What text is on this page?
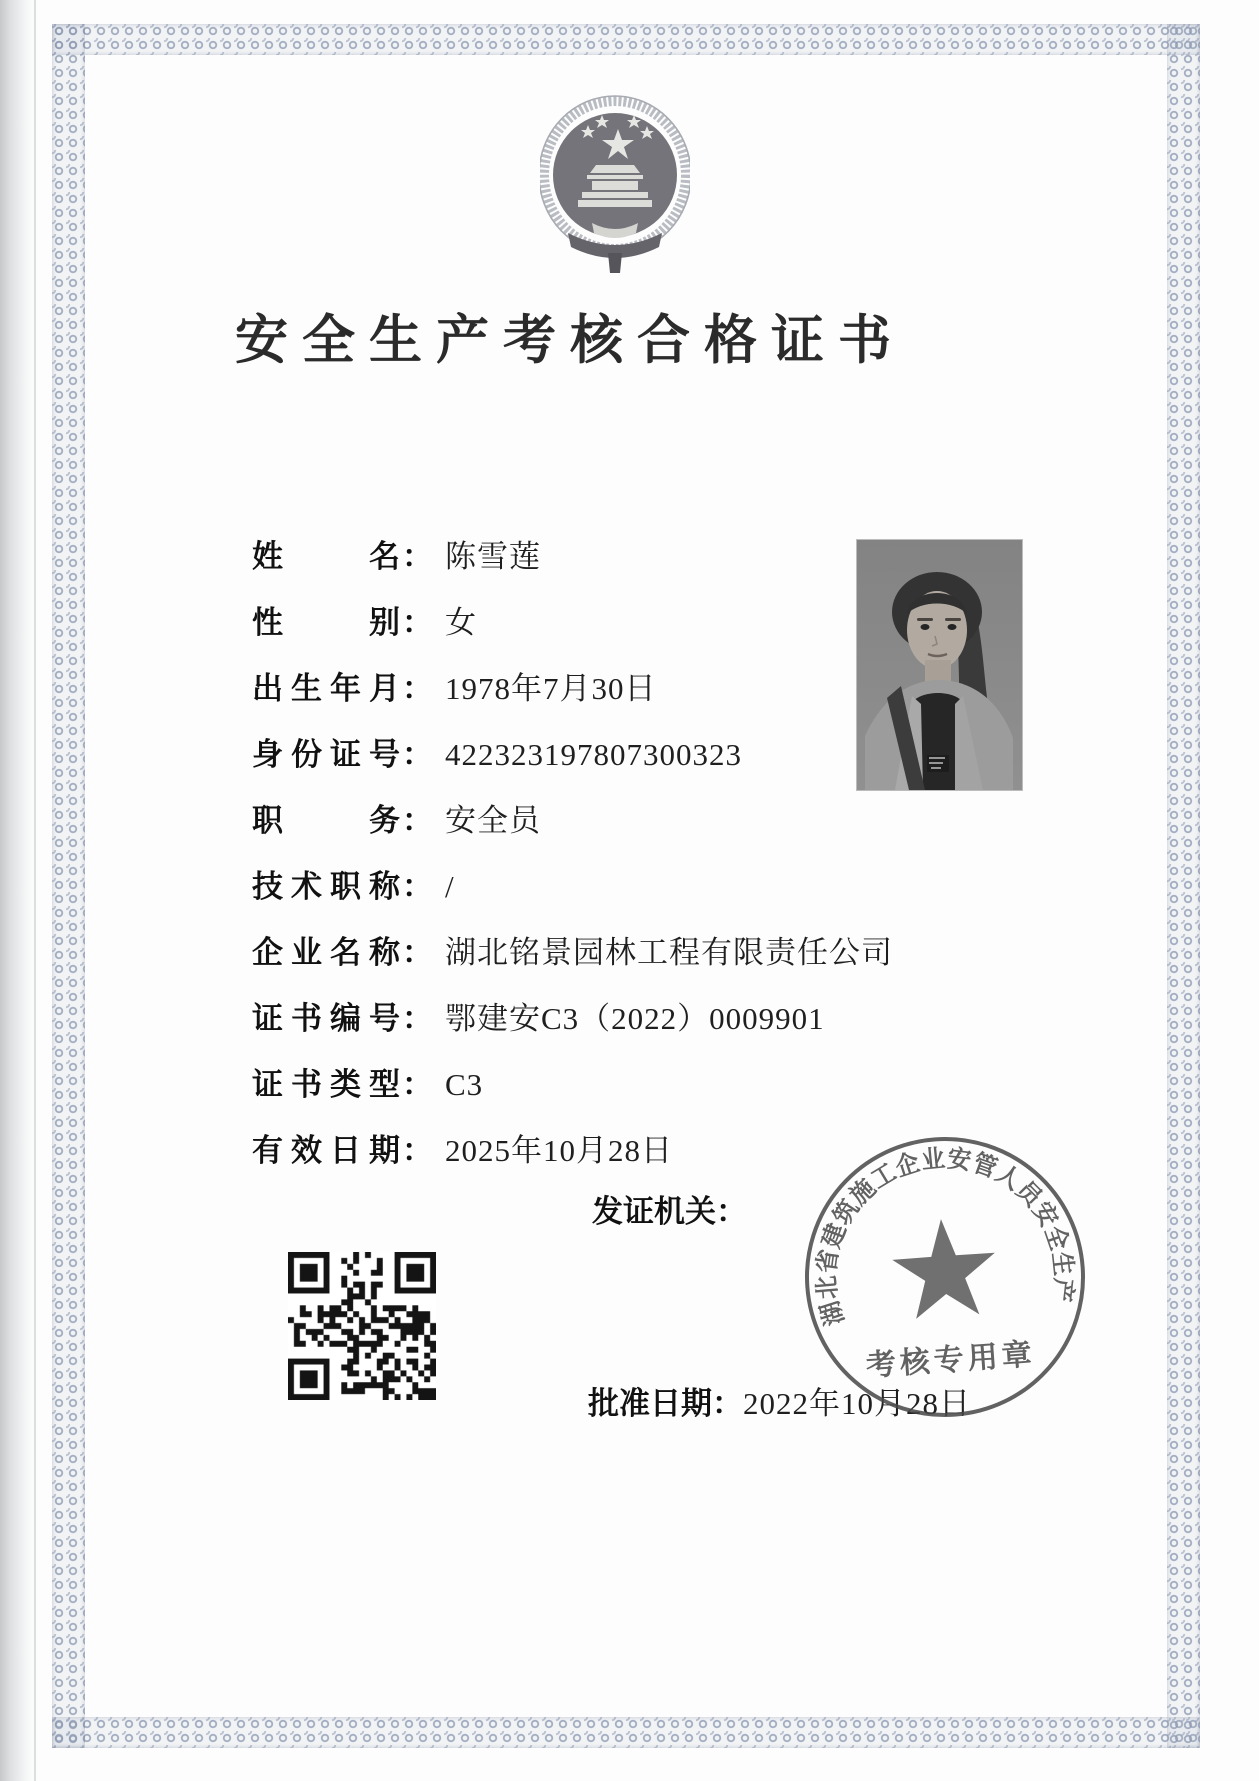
安全生产考核合格证书
姓名 ： 陈雪莲
性别 ： 女
出生年月 ： 1978年7月30日
身份证号 ： 422323197807300323
职务 ： 安全员
技术职称 ： /
企业名称 ： 湖北铭景园林工程有限责任公司
证书编号 ： 鄂建安C3（2022）0009901
证书类型 ： C3
有效日期 ： 2025年10月28日
发证机关：
批准日期：2022年10月28日
湖北省建筑施工企业安管人员安全生产
考核专用章
